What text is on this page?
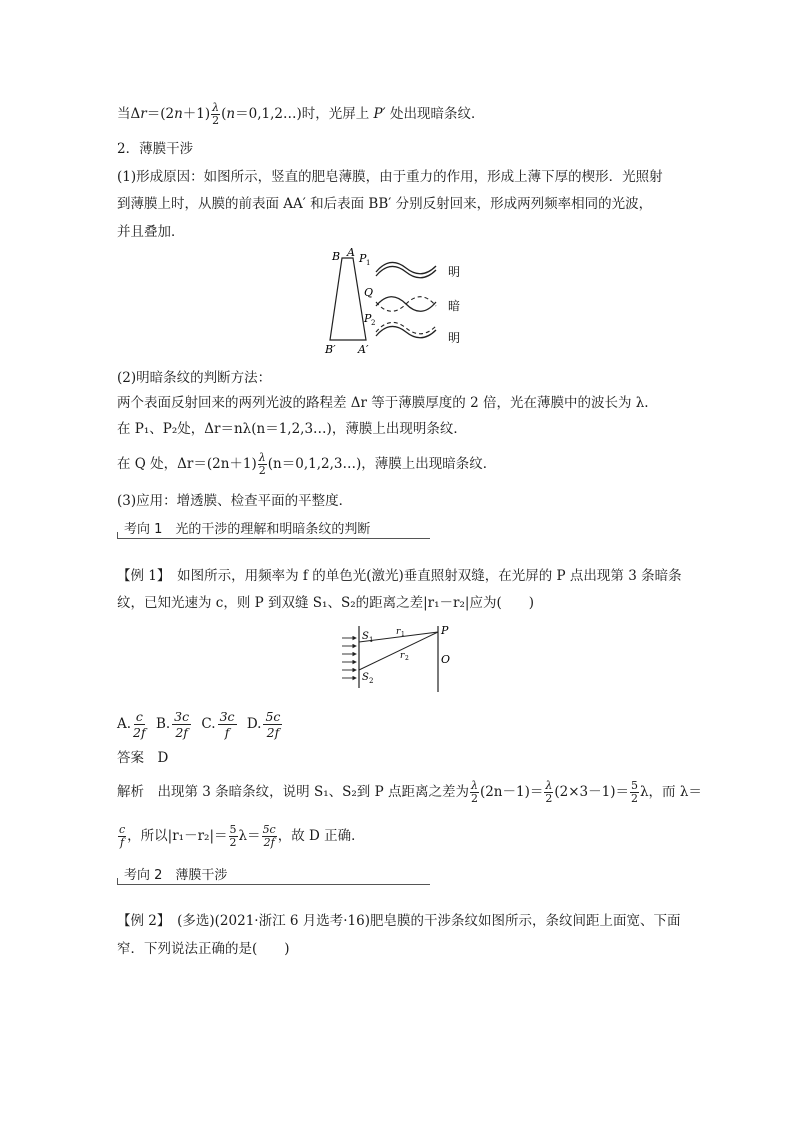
当$\Delta r=(2n+1) \frac{\lambda}{2}$ (n＝0,1,2…)时，光屏上 P′ 处出现暗条纹．
2．薄膜干涉
(1)形成原因：如图所示，竖直的肥皂薄膜，由于重力的作用，形成上薄下厚的楔形．光照射
到薄膜上时，从膜的前表面 AA′ 和后表面 BB′ 分别反射回来，形成两列频率相同的光波，
并且叠加．
B A P 1
Q
P 2
B′ A′
明
暗
明
(2)明暗条纹的判断方法：
两个表面反射回来的两列光波的路程差 Δr 等于薄膜厚度的 2 倍，光在薄膜中的波长为 λ.
在 P₁、P₂处，Δr＝nλ(n＝1,2,3…)，薄膜上出现明条纹．
在 Q 处，$\Delta r=(2n+1) \frac{\lambda}{2}$ (n＝0,1,2,3…)，薄膜上出现暗条纹．
(3)应用：增透膜、检查平面的平整度．
考向 1　光的干涉的理解和明暗条纹的判断
【例 1】　如图所示，用频率为 f 的单色光(激光)垂直照射双缝，在光屏的 P 点出现第 3 条暗条
纹，已知光速为 c，则 P 到双缝 S₁、S₂的距离之差|r₁－r₂|应为(　　)
S 1
S 2
r 1
r 2
P
O
A. $\frac{c}{2f} B$. $\frac{3c}{2f} C$. $\frac{3c}{f} D$. $\frac{5c}{2f}$
答案　D
解析　出现第 3 条暗条纹，说明 S₁、S₂到 P 点距离之差为 $\frac{\lambda}{2} (2n-1)= \frac{\lambda}{2} (2\times 3-1)= \frac{5}{2}$ λ，而 λ＝
$\frac{c}{f}$ ，所以$|r_1-r_2|= \frac{5}{2} \lambda= \frac{5c}{2f}$ ，故 D 正确．
考向 2　薄膜干涉
【例 2】　(多选)(2021·浙江 6 月选考·16)肥皂膜的干涉条纹如图所示，条纹间距上面宽、下面
窄．下列说法正确的是(　　)
